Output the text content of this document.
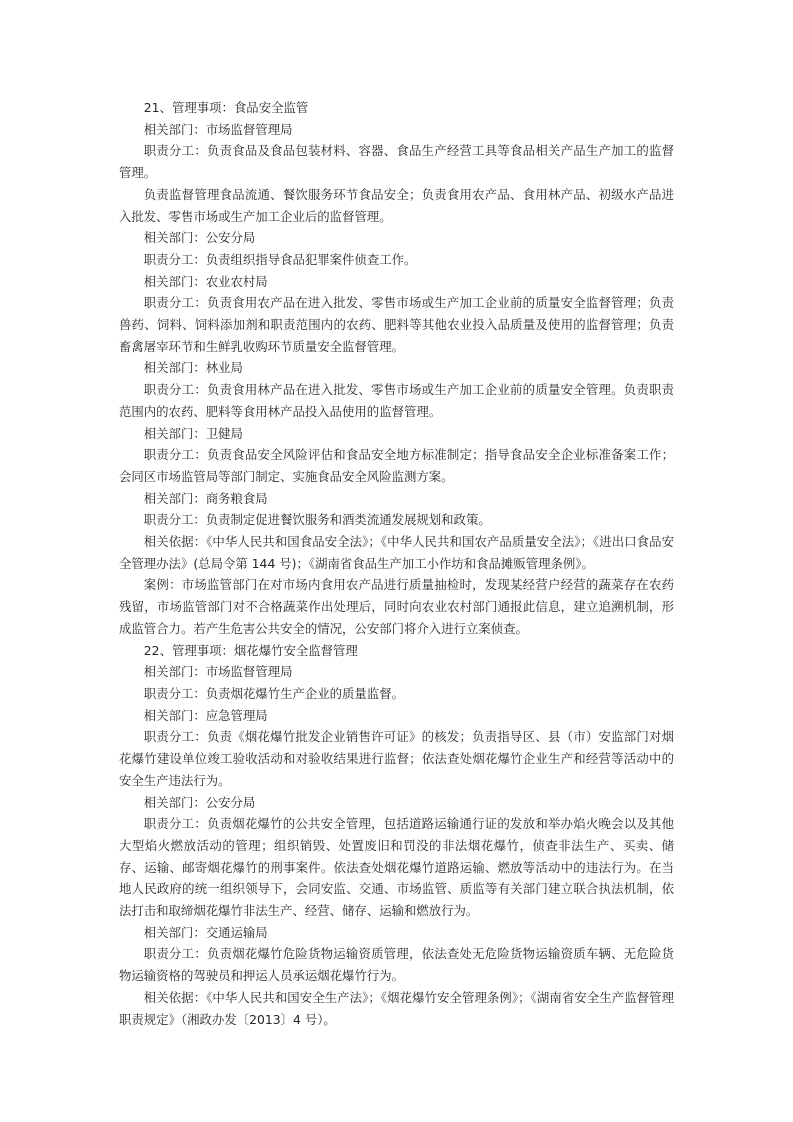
21、管理事项：食品安全监管

相关部门：市场监督管理局

职责分工：负责食品及食品包装材料、容器、食品生产经营工具等食品相关产品生产加工的监督管理。

负责监督管理食品流通、餐饮服务环节食品安全；负责食用农产品、食用林产品、初级水产品进入批发、零售市场或生产加工企业后的监督管理。

相关部门：公安分局

职责分工：负责组织指导食品犯罪案件侦查工作。

相关部门：农业农村局

职责分工：负责食用农产品在进入批发、零售市场或生产加工企业前的质量安全监督管理；负责兽药、饲料、饲料添加剂和职责范围内的农药、肥料等其他农业投入品质量及使用的监督管理；负责畜禽屠宰环节和生鲜乳收购环节质量安全监督管理。

相关部门：林业局

职责分工：负责食用林产品在进入批发、零售市场或生产加工企业前的质量安全管理。负责职责范围内的农药、肥料等食用林产品投入品使用的监督管理。

相关部门：卫健局

职责分工：负责食品安全风险评估和食品安全地方标准制定；指导食品安全企业标准备案工作；会同区市场监管局等部门制定、实施食品安全风险监测方案。

相关部门：商务粮食局

职责分工：负责制定促进餐饮服务和酒类流通发展规划和政策。

相关依据：《中华人民共和国食品安全法》；《中华人民共和国农产品质量安全法》；《进出口食品安全管理办法》(总局令第 144 号)；《湖南省食品生产加工小作坊和食品摊贩管理条例》。

案例：市场监管部门在对市场内食用农产品进行质量抽检时，发现某经营户经营的蔬菜存在农药残留，市场监管部门对不合格蔬菜作出处理后，同时向农业农村部门通报此信息，建立追溯机制，形成监管合力。若产生危害公共安全的情况，公安部门将介入进行立案侦查。

22、管理事项：烟花爆竹安全监督管理

相关部门：市场监督管理局

职责分工：负责烟花爆竹生产企业的质量监督。

相关部门：应急管理局

职责分工：负责《烟花爆竹批发企业销售许可证》的核发；负责指导区、县（市）安监部门对烟花爆竹建设单位竣工验收活动和对验收结果进行监督；依法查处烟花爆竹企业生产和经营等活动中的安全生产违法行为。

相关部门：公安分局

职责分工：负责烟花爆竹的公共安全管理，包括道路运输通行证的发放和举办焰火晚会以及其他大型焰火燃放活动的管理；组织销毁、处置废旧和罚没的非法烟花爆竹，侦查非法生产、买卖、储存、运输、邮寄烟花爆竹的刑事案件。依法查处烟花爆竹道路运输、燃放等活动中的违法行为。在当地人民政府的统一组织领导下，会同安监、交通、市场监管、质监等有关部门建立联合执法机制，依法打击和取缔烟花爆竹非法生产、经营、储存、运输和燃放行为。

相关部门：交通运输局

职责分工：负责烟花爆竹危险货物运输资质管理，依法查处无危险货物运输资质车辆、无危险货物运输资格的驾驶员和押运人员承运烟花爆竹行为。

相关依据：《中华人民共和国安全生产法》；《烟花爆竹安全管理条例》；《湖南省安全生产监督管理职责规定》（湘政办发〔2013〕4 号）。
